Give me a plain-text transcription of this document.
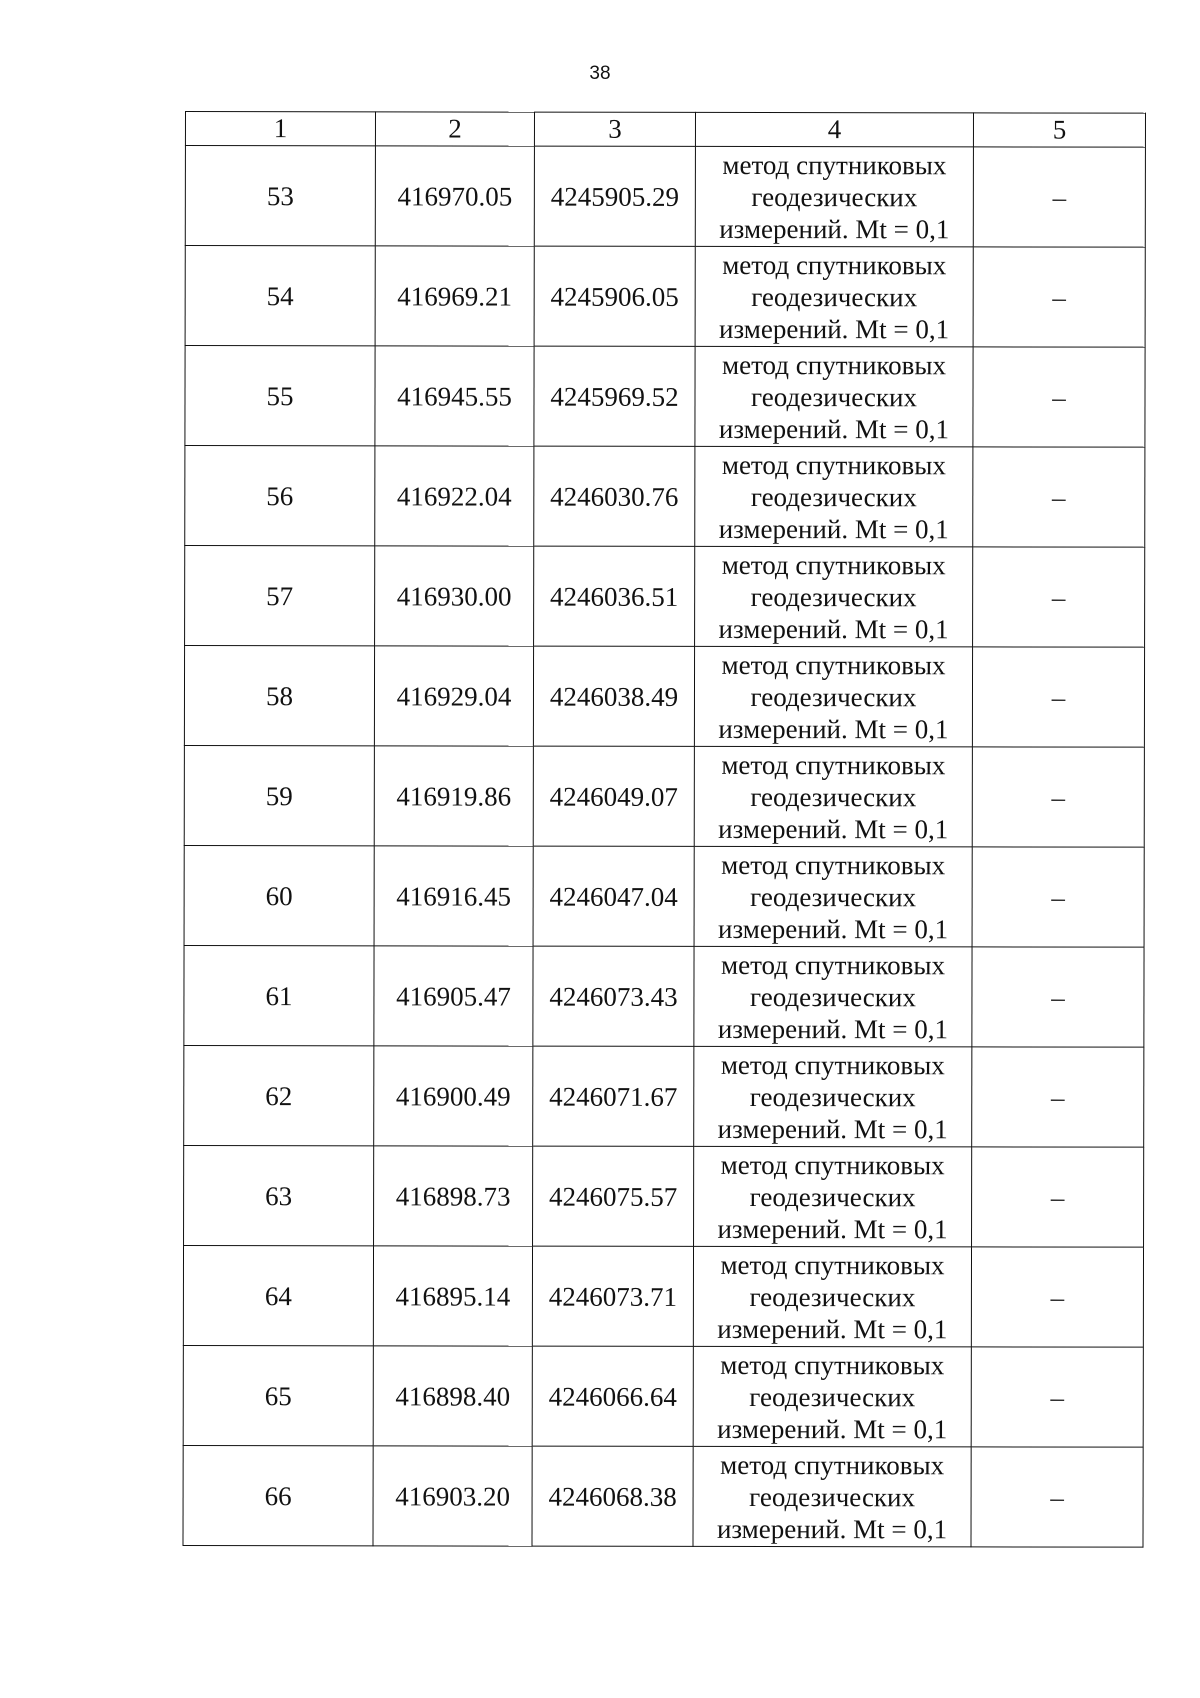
38
1	2	3	4	5
53	416970.05	4245905.29	метод спутниковых
геодезических
измерений. Mt = 0,1	–
54	416969.21	4245906.05	метод спутниковых
геодезических
измерений. Mt = 0,1	–
55	416945.55	4245969.52	метод спутниковых
геодезических
измерений. Mt = 0,1	–
56	416922.04	4246030.76	метод спутниковых
геодезических
измерений. Mt = 0,1	–
57	416930.00	4246036.51	метод спутниковых
геодезических
измерений. Mt = 0,1	–
58	416929.04	4246038.49	метод спутниковых
геодезических
измерений. Mt = 0,1	–
59	416919.86	4246049.07	метод спутниковых
геодезических
измерений. Mt = 0,1	–
60	416916.45	4246047.04	метод спутниковых
геодезических
измерений. Mt = 0,1	–
61	416905.47	4246073.43	метод спутниковых
геодезических
измерений. Mt = 0,1	–
62	416900.49	4246071.67	метод спутниковых
геодезических
измерений. Mt = 0,1	–
63	416898.73	4246075.57	метод спутниковых
геодезических
измерений. Mt = 0,1	–
64	416895.14	4246073.71	метод спутниковых
геодезических
измерений. Mt = 0,1	–
65	416898.40	4246066.64	метод спутниковых
геодезических
измерений. Mt = 0,1	–
66	416903.20	4246068.38	метод спутниковых
геодезических
измерений. Mt = 0,1	–
